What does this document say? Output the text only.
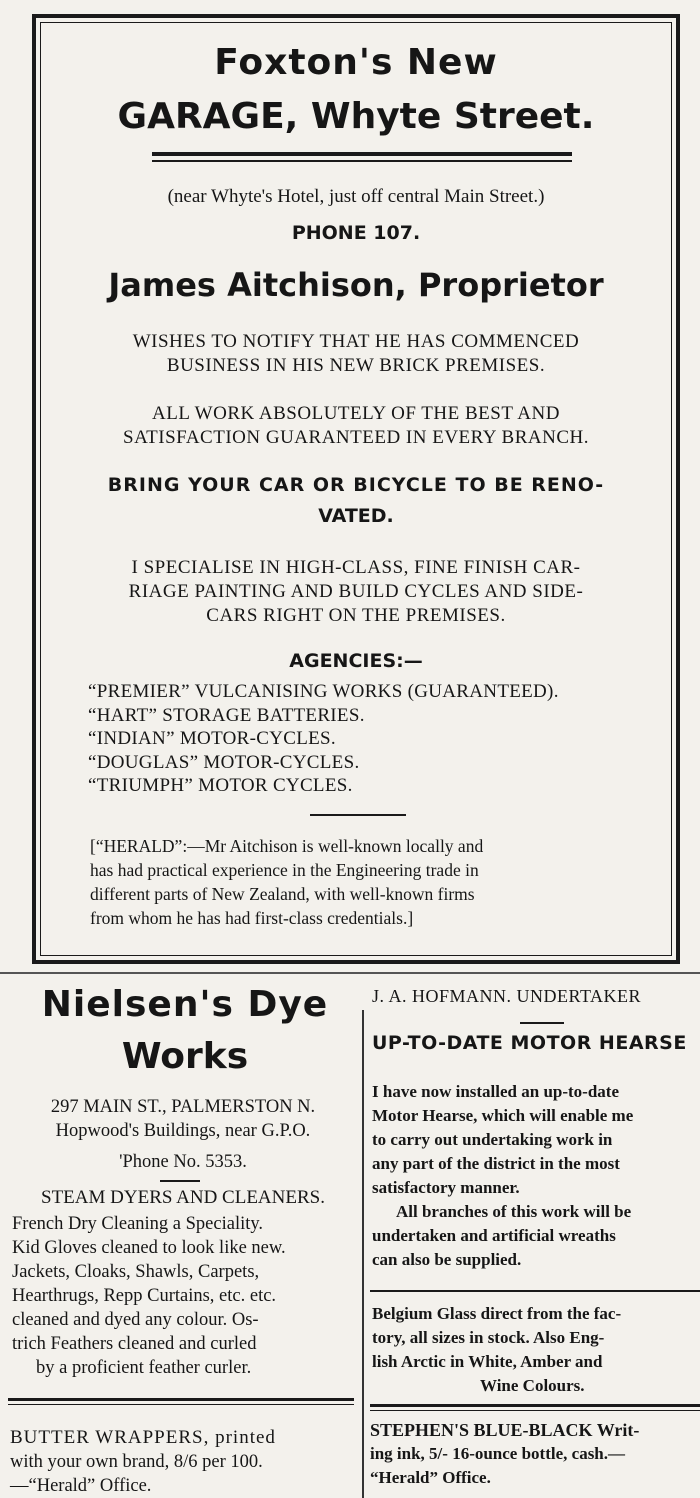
Foxton's New
GARAGE, Whyte Street.
(near Whyte's Hotel, just off central Main Street.)
PHONE 107.
James Aitchison, Proprietor
WISHES TO NOTIFY THAT HE HAS COMMENCED
BUSINESS IN HIS NEW BRICK PREMISES.
ALL WORK ABSOLUTELY OF THE BEST AND
SATISFACTION GUARANTEED IN EVERY BRANCH.
BRING YOUR CAR OR BICYCLE TO BE RENO-
VATED.
I SPECIALISE IN HIGH-CLASS, FINE FINISH CAR-
RIAGE PAINTING AND BUILD CYCLES AND SIDE-
CARS RIGHT ON THE PREMISES.
AGENCIES:—
“PREMIER” VULCANISING WORKS (GUARANTEED).
“HART” STORAGE BATTERIES.
“INDIAN” MOTOR-CYCLES.
“DOUGLAS” MOTOR-CYCLES.
“TRIUMPH” MOTOR CYCLES.
[“HERALD”:—Mr Aitchison is well-known locally and
has had practical experience in the Engineering trade in
different parts of New Zealand, with well-known firms
from whom he has had first-class credentials.]
Nielsen's Dye
Works
297 MAIN ST., PALMERSTON N.
Hopwood's Buildings, near G.P.O.
'Phone No. 5353.
STEAM DYERS AND CLEANERS.
French Dry Cleaning a Speciality.
Kid Gloves cleaned to look like new.
Jackets, Cloaks, Shawls, Carpets,
Hearthrugs, Repp Curtains, etc. etc.
cleaned and dyed any colour. Os-
trich Feathers cleaned and curled
by a proficient feather curler.
BUTTER WRAPPERS, printed
with your own brand, 8/6 per 100.
—“Herald” Office.
J. A. HOFMANN. UNDERTAKER
UP-TO-DATE MOTOR HEARSE
I have now installed an up-to-date
Motor Hearse, which will enable me
to carry out undertaking work in
any part of the district in the most
satisfactory manner.
All branches of this work will be
undertaken and artificial wreaths
can also be supplied.
Belgium Glass direct from the fac-
tory, all sizes in stock. Also Eng-
lish Arctic in White, Amber and
Wine Colours.
STEPHEN'S BLUE-BLACK Writ-
ing ink, 5/- 16-ounce bottle, cash.—
“Herald” Office.
